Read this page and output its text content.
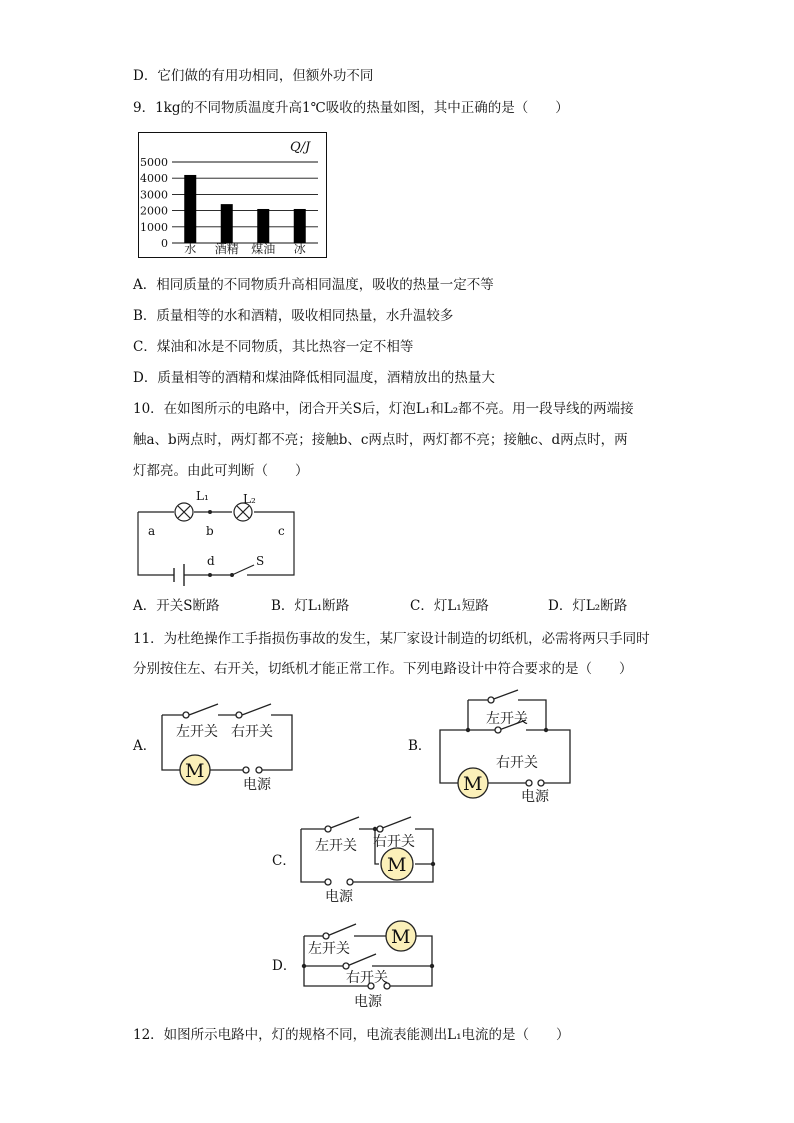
D．它们做的有用功相同，但额外功不同
9．1kg的不同物质温度升高1℃吸收的热量如图，其中正确的是（　　）
0
1000
2000
3000
4000
5000
水 酒精 煤油 冰
Q/J
A．相同质量的不同物质升高相同温度，吸收的热量一定不等
B．质量相等的水和酒精，吸收相同热量，水升温较多
C．煤油和冰是不同物质，其比热容一定不相等
D．质量相等的酒精和煤油降低相同温度，酒精放出的热量大
10．在如图所示的电路中，闭合开关S后，灯泡L₁和L₂都不亮。用一段导线的两端接
触a、b两点时，两灯都不亮；接触b、c两点时，两灯都不亮；接触c、d两点时，两
灯都亮。由此可判断（　　）
L₁	L₂
a	b	c
d	S
A．开关S断路	B．灯L₁断路	C．灯L₁短路	D．灯L₂断路
11．为杜绝操作工手指损伤事故的发生，某厂家设计制造的切纸机，必需将两只手同时
分别按住左、右开关，切纸机才能正常工作。下列电路设计中符合要求的是（　　）
A．	B．
C．
D．
M
左开关 右开关
电源	M
左开关
右开关
电源
M
左开关 右开关
电源
M
左开关
右开关
电源
12．如图所示电路中，灯的规格不同，电流表能测出L₁电流的是（　　）
